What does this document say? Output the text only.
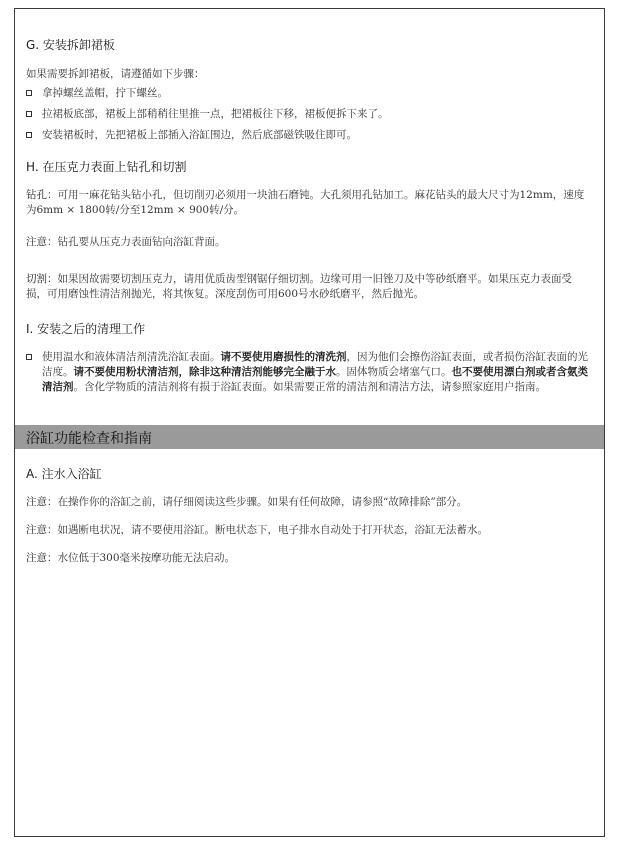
G. 安装拆卸裙板
如果需要拆卸裙板，请遵循如下步骤：
拿掉螺丝盖帽，拧下螺丝。
拉裙板底部，裙板上部稍稍往里推一点，把裙板往下移，裙板便拆下来了。
安装裙板时，先把裙板上部插入浴缸围边，然后底部磁铁吸住即可。
H. 在压克力表面上钻孔和切割
钻孔：可用一麻花钻头钻小孔，但切削刃必须用一块油石磨钝。大孔须用孔钻加工。麻花钻头的最大尺寸为12mm，速度为6mm × 1800转/分至12mm × 900转/分。
注意：钻孔要从压克力表面钻向浴缸背面。
切割：如果因故需要切割压克力，请用优质齿型钢锯仔细切割。边缘可用一旧锉刀及中等砂纸磨平。如果压克力表面受损，可用磨蚀性清洁剂抛光，将其恢复。深度刮伤可用600号水砂纸磨平，然后抛光。
I. 安装之后的清理工作
使用温水和液体清洁剂清洗浴缸表面。请不要使用磨损性的清洗剂，因为他们会擦伤浴缸表面，或者损伤浴缸表面的光洁度。请不要使用粉状清洁剂，除非这种清洁剂能够完全融于水。固体物质会堵塞气口。也不要使用漂白剂或者含氨类清洁剂。含化学物质的清洁剂将有损于浴缸表面。如果需要正常的清洁剂和清洁方法，请参照家庭用户指南。
浴缸功能检查和指南
A. 注水入浴缸
注意：在操作你的浴缸之前，请仔细阅读这些步骤。如果有任何故障，请参照“故障排除”部分。
注意：如遇断电状况，请不要使用浴缸。断电状态下，电子排水自动处于打开状态，浴缸无法蓄水。
注意：水位低于300毫米按摩功能无法启动。
